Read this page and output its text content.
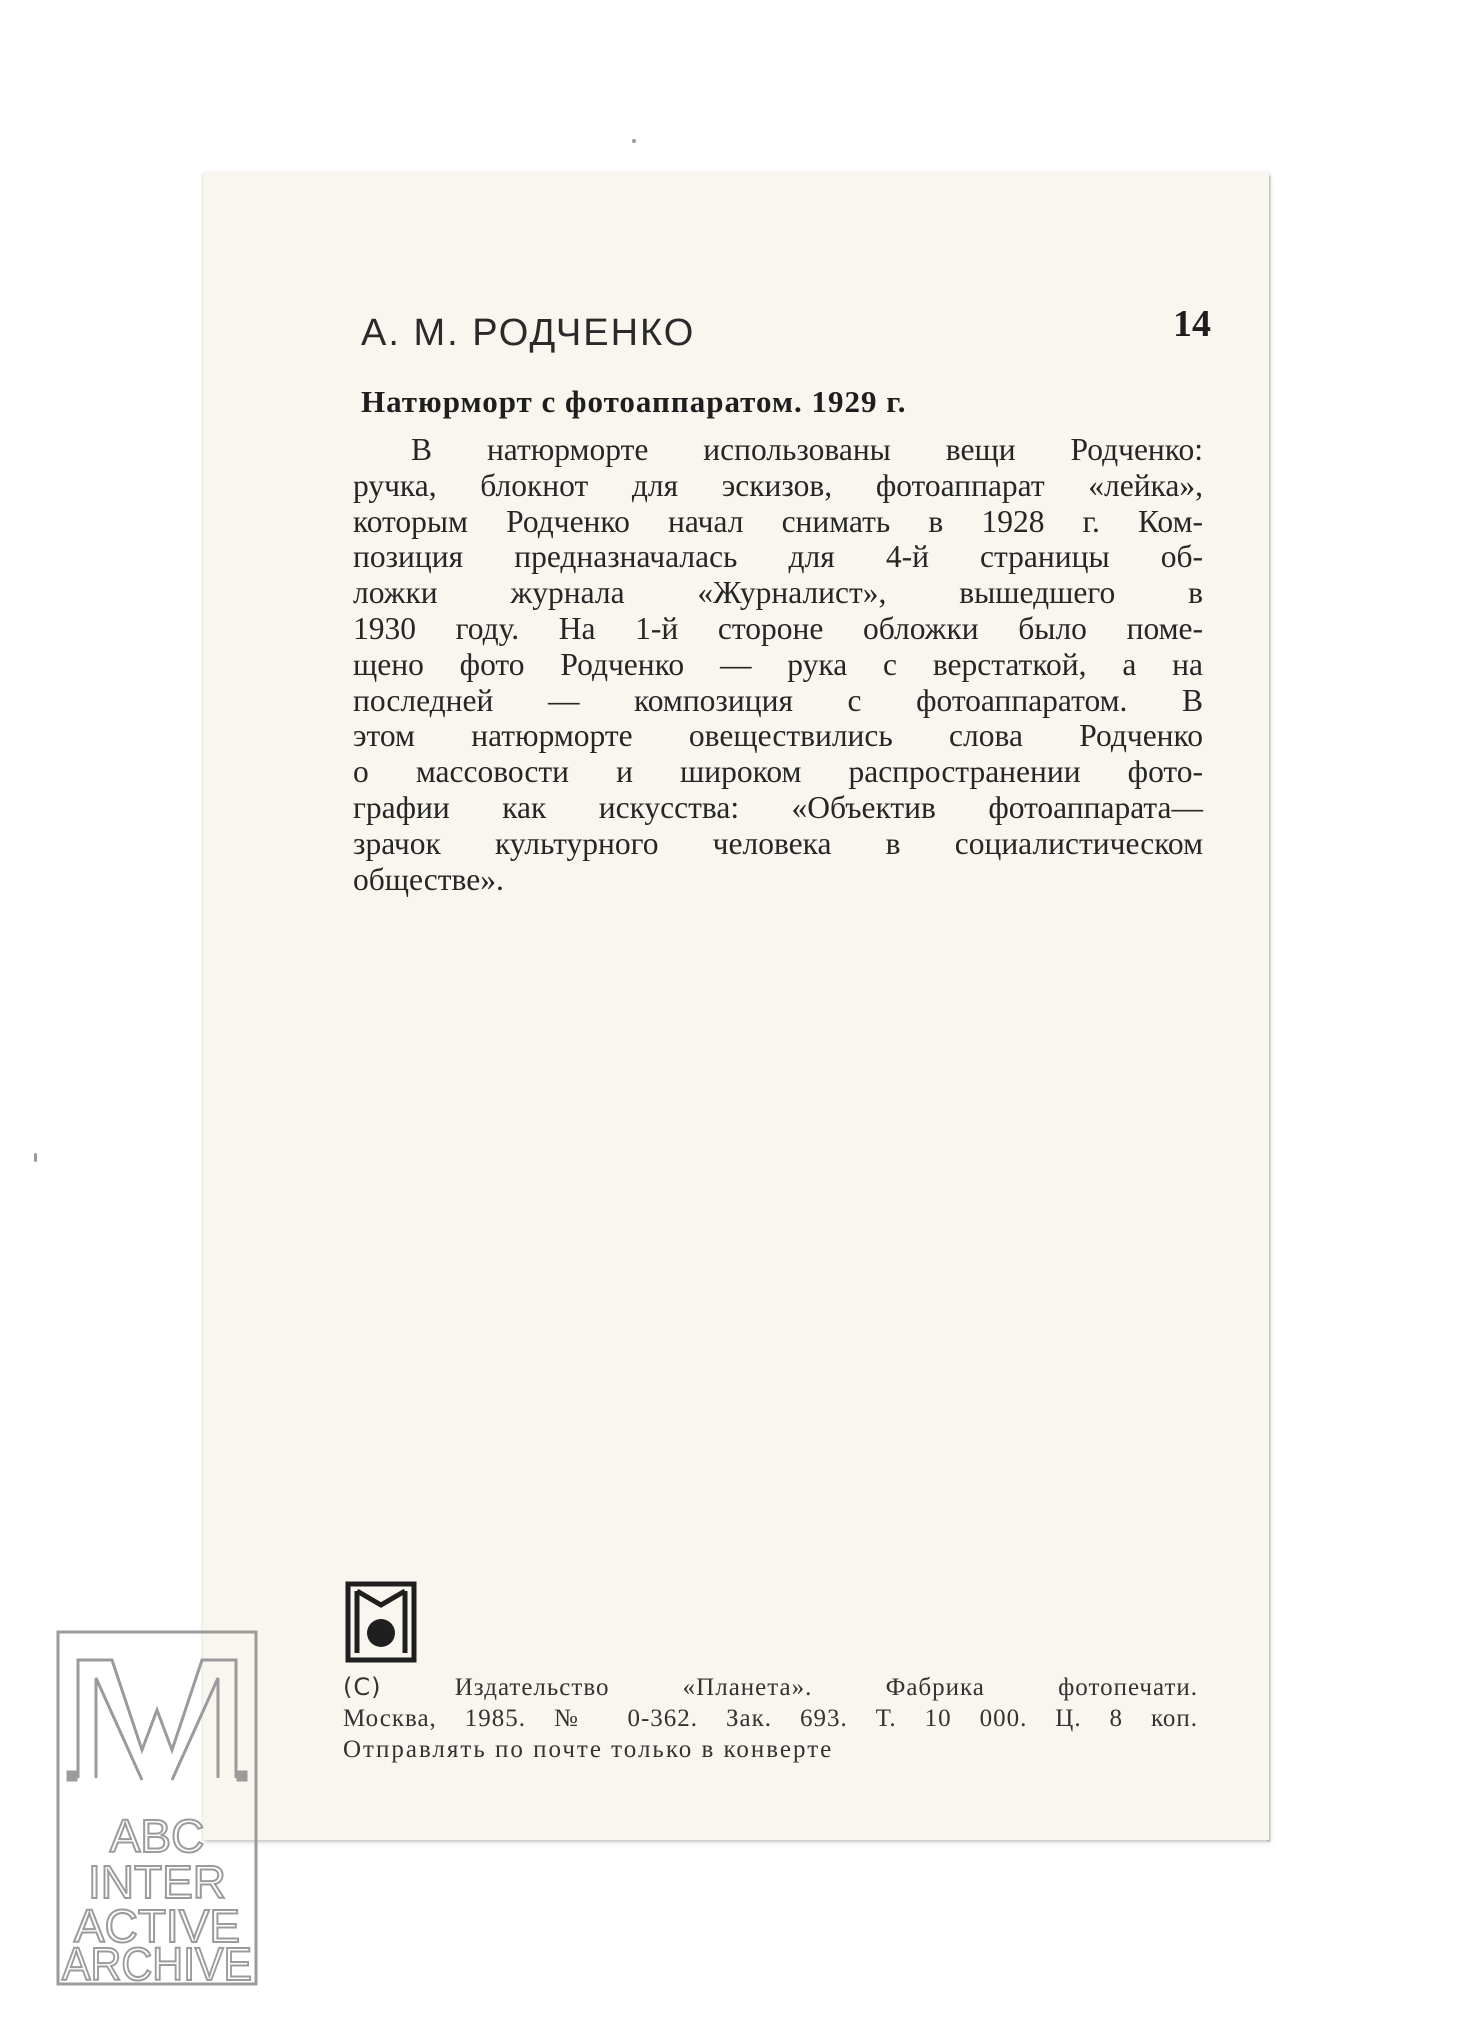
А. М. РОДЧЕНКО	14
Натюрморт с фотоаппаратом. 1929 г.
В натюрморте использованы вещи Родченко:
ручка, блокнот для эскизов, фотоаппарат «лейка»,
которым Родченко начал снимать в 1928 г. Ком-
позиция предназначалась для 4-й страницы об-
ложки журнала «Журналист», вышедшего в
1930 году. На 1-й стороне обложки было поме-
щено фото Родченко — рука с верстаткой, а на
последней — композиция с фотоаппаратом. В
этом натюрморте овеществились слова Родченко
о массовости и широком распространении фото-
графии как искусства: «Объектив фотоаппарата—
зрачок культурного человека в социалистическом
обществе».
(C)	Издательство «Планета». Фабрика фотопечати.
Москва, 1985. № 0-362. Зак. 693. Т. 10 000. Ц. 8 коп.
Отправлять по почте только в конверте
ABC
INTER
ACTIVE
ARCHIVE
